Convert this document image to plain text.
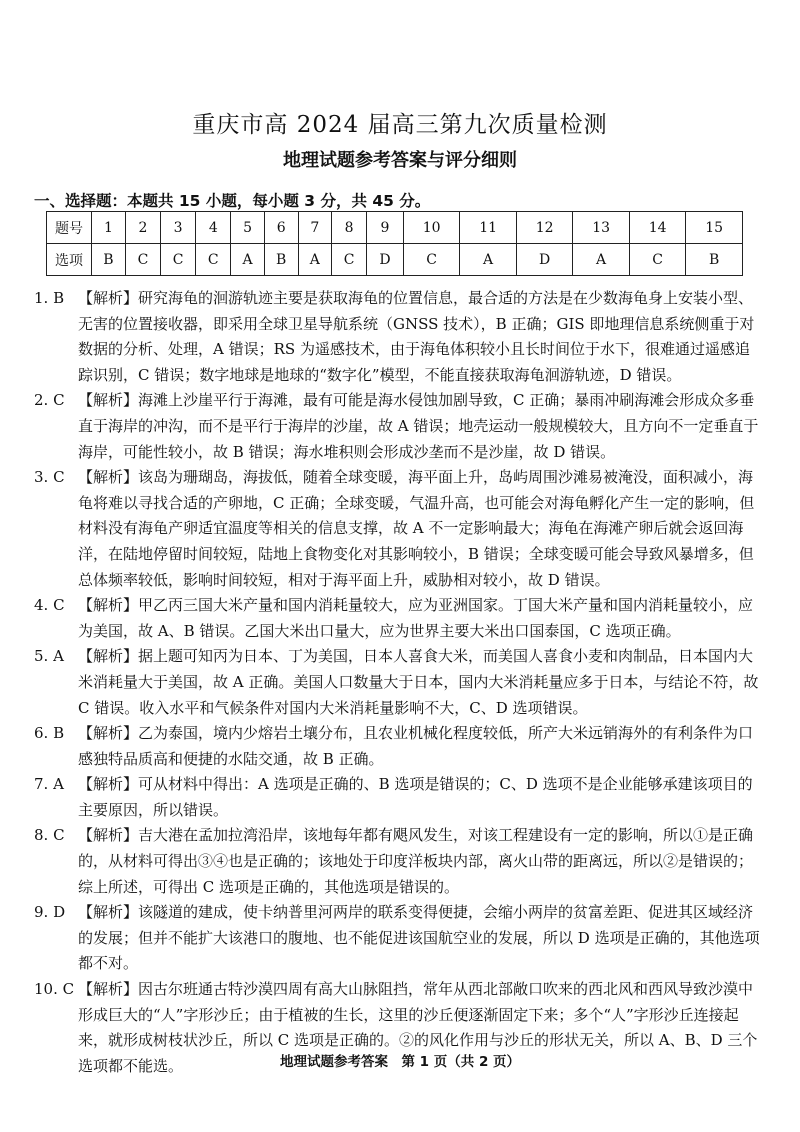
重庆市高 2024 届高三第九次质量检测
地理试题参考答案与评分细则
一、选择题：本题共 15 小题，每小题 3 分，共 45 分。
题号	1	2	3	4	5	6	7	8	9	10	11	12	13	14	15
选项	B	C	C	C	A	B	A	C	D	C	A	D	A	C	B
1. B 【解析】研究海龟的洄游轨迹主要是获取海龟的位置信息，最合适的方法是在少数海龟身上安装小型、无害的位置接收器，即采用全球卫星导航系统（GNSS 技术），B 正确；GIS 即地理信息系统侧重于对数据的分析、处理，A 错误；RS 为遥感技术，由于海龟体积较小且长时间位于水下，很难通过遥感追踪识别，C 错误；数字地球是地球的“数字化”模型，不能直接获取海龟洄游轨迹，D 错误。
2. C 【解析】海滩上沙崖平行于海滩，最有可能是海水侵蚀加剧导致，C 正确；暴雨冲刷海滩会形成众多垂直于海岸的冲沟，而不是平行于海岸的沙崖，故 A 错误；地壳运动一般规模较大，且方向不一定垂直于海岸，可能性较小，故 B 错误；海水堆积则会形成沙垄而不是沙崖，故 D 错误。
3. C 【解析】该岛为珊瑚岛，海拔低，随着全球变暖，海平面上升，岛屿周围沙滩易被淹没，面积减小，海龟将难以寻找合适的产卵地，C 正确；全球变暖，气温升高，也可能会对海龟孵化产生一定的影响，但材料没有海龟产卵适宜温度等相关的信息支撑，故 A 不一定影响最大；海龟在海滩产卵后就会返回海洋，在陆地停留时间较短，陆地上食物变化对其影响较小，B 错误；全球变暖可能会导致风暴增多，但总体频率较低，影响时间较短，相对于海平面上升，威胁相对较小，故 D 错误。
4. C 【解析】甲乙丙三国大米产量和国内消耗量较大，应为亚洲国家。丁国大米产量和国内消耗量较小，应为美国，故 A、B 错误。乙国大米出口量大，应为世界主要大米出口国泰国，C 选项正确。
5. A 【解析】据上题可知丙为日本、丁为美国，日本人喜食大米，而美国人喜食小麦和肉制品，日本国内大米消耗量大于美国，故 A 正确。美国人口数量大于日本，国内大米消耗量应多于日本，与结论不符，故 C 错误。收入水平和气候条件对国内大米消耗量影响不大，C、D 选项错误。
6. B 【解析】乙为泰国，境内少熔岩土壤分布，且农业机械化程度较低，所产大米远销海外的有利条件为口感独特品质高和便捷的水陆交通，故 B 正确。
7. A 【解析】可从材料中得出：A 选项是正确的、B 选项是错误的；C、D 选项不是企业能够承建该项目的主要原因，所以错误。
8. C 【解析】吉大港在孟加拉湾沿岸，该地每年都有飓风发生，对该工程建设有一定的影响，所以①是正确的，从材料可得出③④也是正确的；该地处于印度洋板块内部，离火山带的距离远，所以②是错误的；综上所述，可得出 C 选项是正确的，其他选项是错误的。
9. D 【解析】该隧道的建成，使卡纳普里河两岸的联系变得便捷，会缩小两岸的贫富差距、促进其区域经济的发展；但并不能扩大该港口的腹地、也不能促进该国航空业的发展，所以 D 选项是正确的，其他选项都不对。
10. C 【解析】因古尔班通古特沙漠四周有高大山脉阻挡，常年从西北部敞口吹来的西北风和西风导致沙漠中形成巨大的“人”字形沙丘；由于植被的生长，这里的沙丘便逐渐固定下来；多个“人”字形沙丘连接起来，就形成树枝状沙丘，所以 C 选项是正确的。②的风化作用与沙丘的形状无关，所以 A、B、D 三个选项都不能选。	地理试题参考答案　第 1 页（共 2 页）
